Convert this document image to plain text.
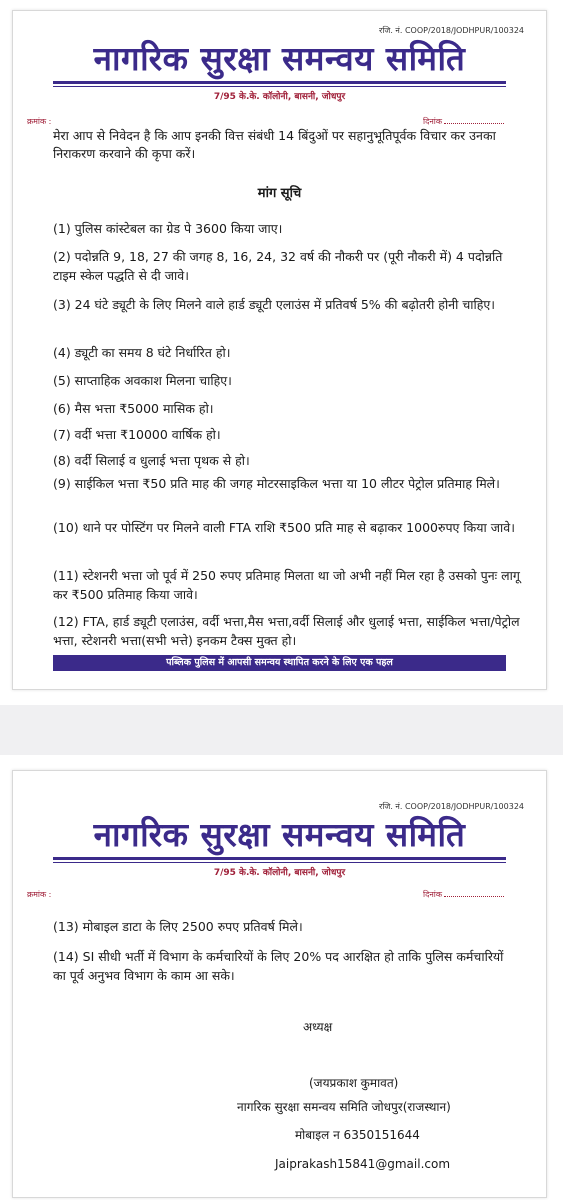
रजि. नं. COOP/2018/JODHPUR/100324
नागरिक सुरक्षा समन्वय समिति
7/95 के.के. कॉलोनी, बासनी, जोधपुर
क्रमांक :	दिनांक
मेरा आप से निवेदन है कि आप इनकी वित्त संबंधी 14 बिंदुओं पर सहानुभूतिपूर्वक विचार कर उनका निराकरण करवाने की कृपा करें।
मांग सूचि
(1) पुलिस कांस्टेबल का ग्रेड पे 3600 किया जाए।
(2) पदोन्नति 9, 18, 27 की जगह 8, 16, 24, 32 वर्ष की नौकरी पर (पूरी नौकरी में) 4 पदोन्नति टाइम स्केल पद्धति से दी जावे।
(3) 24 घंटे ड्यूटी के लिए मिलने वाले हार्ड ड्यूटी एलाउंस में प्रतिवर्ष 5% की बढ़ोतरी होनी चाहिए।
(4) ड्यूटी का समय 8 घंटे निर्धारित हो।
(5) साप्ताहिक अवकाश मिलना चाहिए।
(6) मैस भत्ता ₹5000 मासिक हो।
(7) वर्दी भत्ता ₹10000 वार्षिक हो।
(8) वर्दी सिलाई व धुलाई भत्ता पृथक से हो।
(9) साईकिल भत्ता ₹50 प्रति माह की जगह मोटरसाइकिल भत्ता या 10 लीटर पेट्रोल प्रतिमाह मिले।
(10) थाने पर पोस्टिंग पर मिलने वाली FTA राशि ₹500 प्रति माह से बढ़ाकर 1000रुपए किया जावे।
(11) स्टेशनरी भत्ता जो पूर्व में 250 रुपए प्रतिमाह मिलता था जो अभी नहीं मिल रहा है उसको पुनः लागू कर ₹500 प्रतिमाह किया जावे।
(12) FTA, हार्ड ड्यूटी एलाउंस, वर्दी भत्ता,मैस भत्ता,वर्दी सिलाई और धुलाई भत्ता, साईकिल भत्ता/पेट्रोल भत्ता, स्टेशनरी भत्ता(सभी भत्ते) इनकम टैक्स मुक्त हो।
पब्लिक पुलिस में आपसी समन्वय स्थापित करने के लिए एक पहल
रजि. नं. COOP/2018/JODHPUR/100324
नागरिक सुरक्षा समन्वय समिति
7/95 के.के. कॉलोनी, बासनी, जोधपुर
क्रमांक :	दिनांक
(13) मोबाइल डाटा के लिए 2500 रुपए प्रतिवर्ष मिले।
(14) SI सीधी भर्ती में विभाग के कर्मचारियों के लिए 20% पद आरक्षित हो ताकि पुलिस कर्मचारियों का पूर्व अनुभव विभाग के काम आ सके।
अध्यक्ष
(जयप्रकाश कुमावत)
नागरिक सुरक्षा समन्वय समिति जोधपुर(राजस्थान)
मोबाइल न 6350151644
Jaiprakash15841@gmail.com
